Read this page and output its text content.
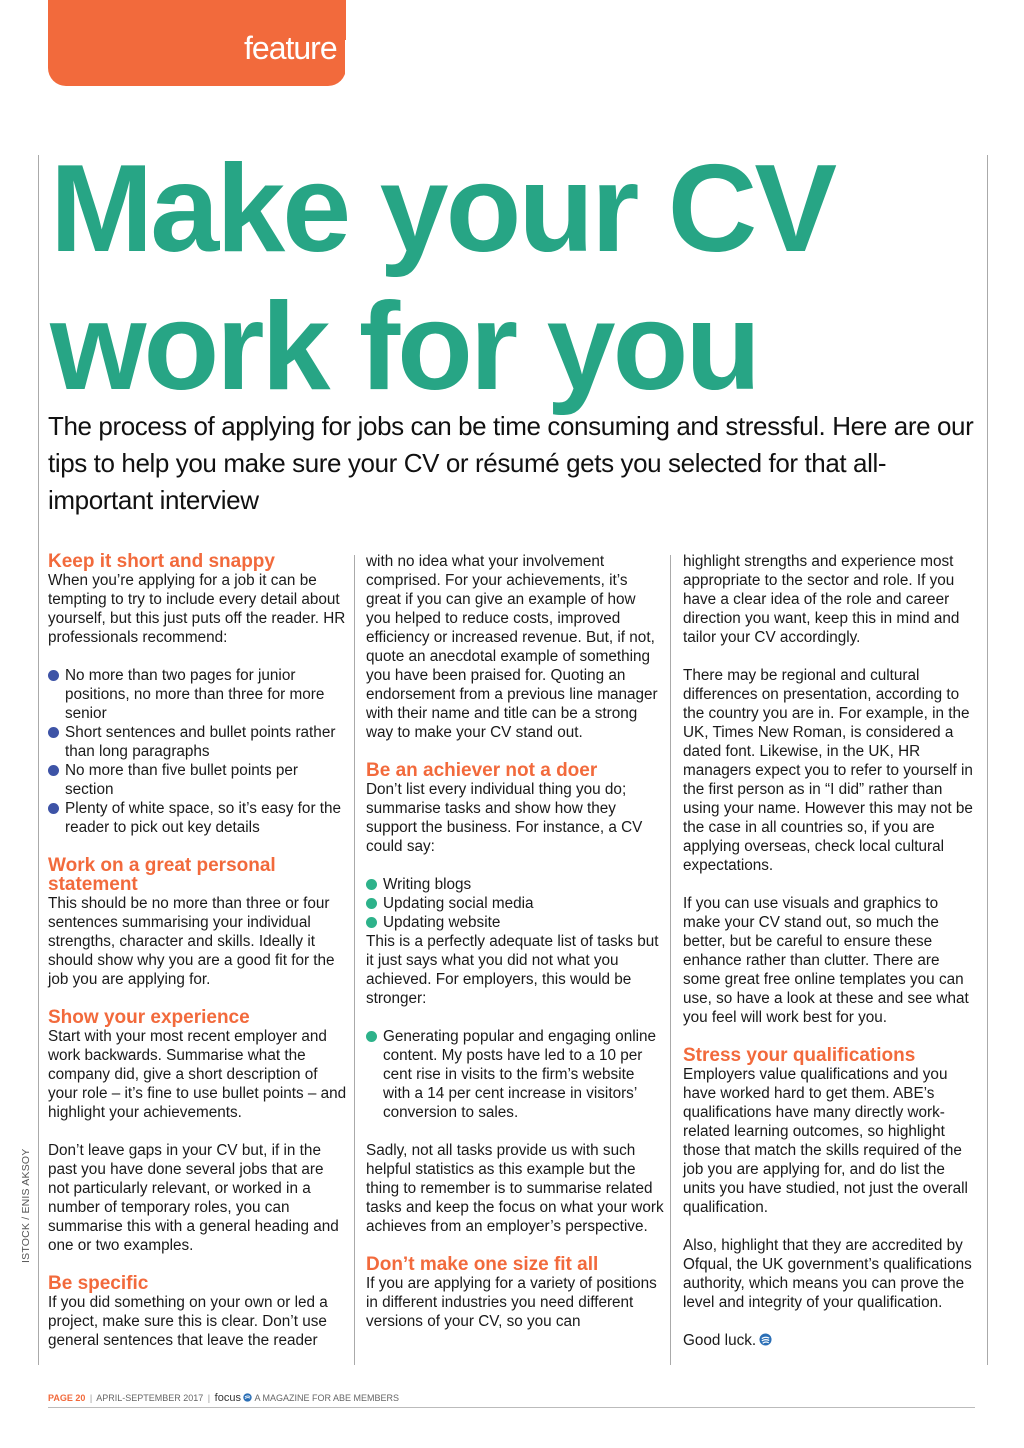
feature
Make your CV work for you

The process of applying for jobs can be time consuming and stressful. Here are our tips to help you make sure your CV or résumé gets you selected for that all-important interview

Keep it short and snappy

When you’re applying for a job it can be tempting to try to include every detail about yourself, but this just puts off the reader. HR professionals recommend:

No more than two pages for junior positions, no more than three for more senior
Short sentences and bullet points rather than long paragraphs
No more than five bullet points per section
Plenty of white space, so it’s easy for the reader to pick out key details
Work on a great personal statement

This should be no more than three or four sentences summarising your individual strengths, character and skills. Ideally it should show why you are a good fit for the job you are applying for.

Show your experience

Start with your most recent employer and work backwards. Summarise what the company did, give a short description of your role – it’s fine to use bullet points – and highlight your achievements.

Don’t leave gaps in your CV but, if in the past you have done several jobs that are not particularly relevant, or worked in a number of temporary roles, you can summarise this with a general heading and one or two examples.

Be specific

If you did something on your own or led a project, make sure this is clear. Don’t use general sentences that leave the reader

with no idea what your involvement comprised. For your achievements, it’s great if you can give an example of how you helped to reduce costs, improved efficiency or increased revenue. But, if not, quote an anecdotal example of something you have been praised for. Quoting an endorsement from a previous line manager with their name and title can be a strong way to make your CV stand out.

Be an achiever not a doer

Don’t list every individual thing you do; summarise tasks and show how they support the business. For instance, a CV could say:

Writing blogs
Updating social media
Updating website

This is a perfectly adequate list of tasks but it just says what you did not what you achieved. For employers, this would be stronger:

Generating popular and engaging online content. My posts have led to a 10 per cent rise in visits to the firm’s website with a 14 per cent increase in visitors’ conversion to sales.

Sadly, not all tasks provide us with such helpful statistics as this example but the thing to remember is to summarise related tasks and keep the focus on what your work achieves from an employer’s perspective.

Don’t make one size fit all

If you are applying for a variety of positions in different industries you need different versions of your CV, so you can

highlight strengths and experience most appropriate to the sector and role. If you have a clear idea of the role and career direction you want, keep this in mind and tailor your CV accordingly.

There may be regional and cultural differences on presentation, according to the country you are in. For example, in the UK, Times New Roman, is considered a dated font. Likewise, in the UK, HR managers expect you to refer to yourself in the first person as in “I did” rather than using your name. However this may not be the case in all countries so, if you are applying overseas, check local cultural expectations.

If you can use visuals and graphics to make your CV stand out, so much the better, but be careful to ensure these enhance rather than clutter. There are some great free online templates you can use, so have a look at these and see what you feel will work best for you.

Stress your qualifications

Employers value qualifications and you have worked hard to get them. ABE’s qualifications have many directly work-related learning outcomes, so highlight those that match the skills required of the job you are applying for, and do list the units you have studied, not just the overall qualification.

Also, highlight that they are accredited by Ofqual, the UK government’s qualifications authority, which means you can prove the level and integrity of your qualification.

Good luck.

ISTOCK / ENIS AKSOY
PAGE 20 | APRIL-SEPTEMBER 2017 | focus A MAGAZINE FOR ABE MEMBERS
